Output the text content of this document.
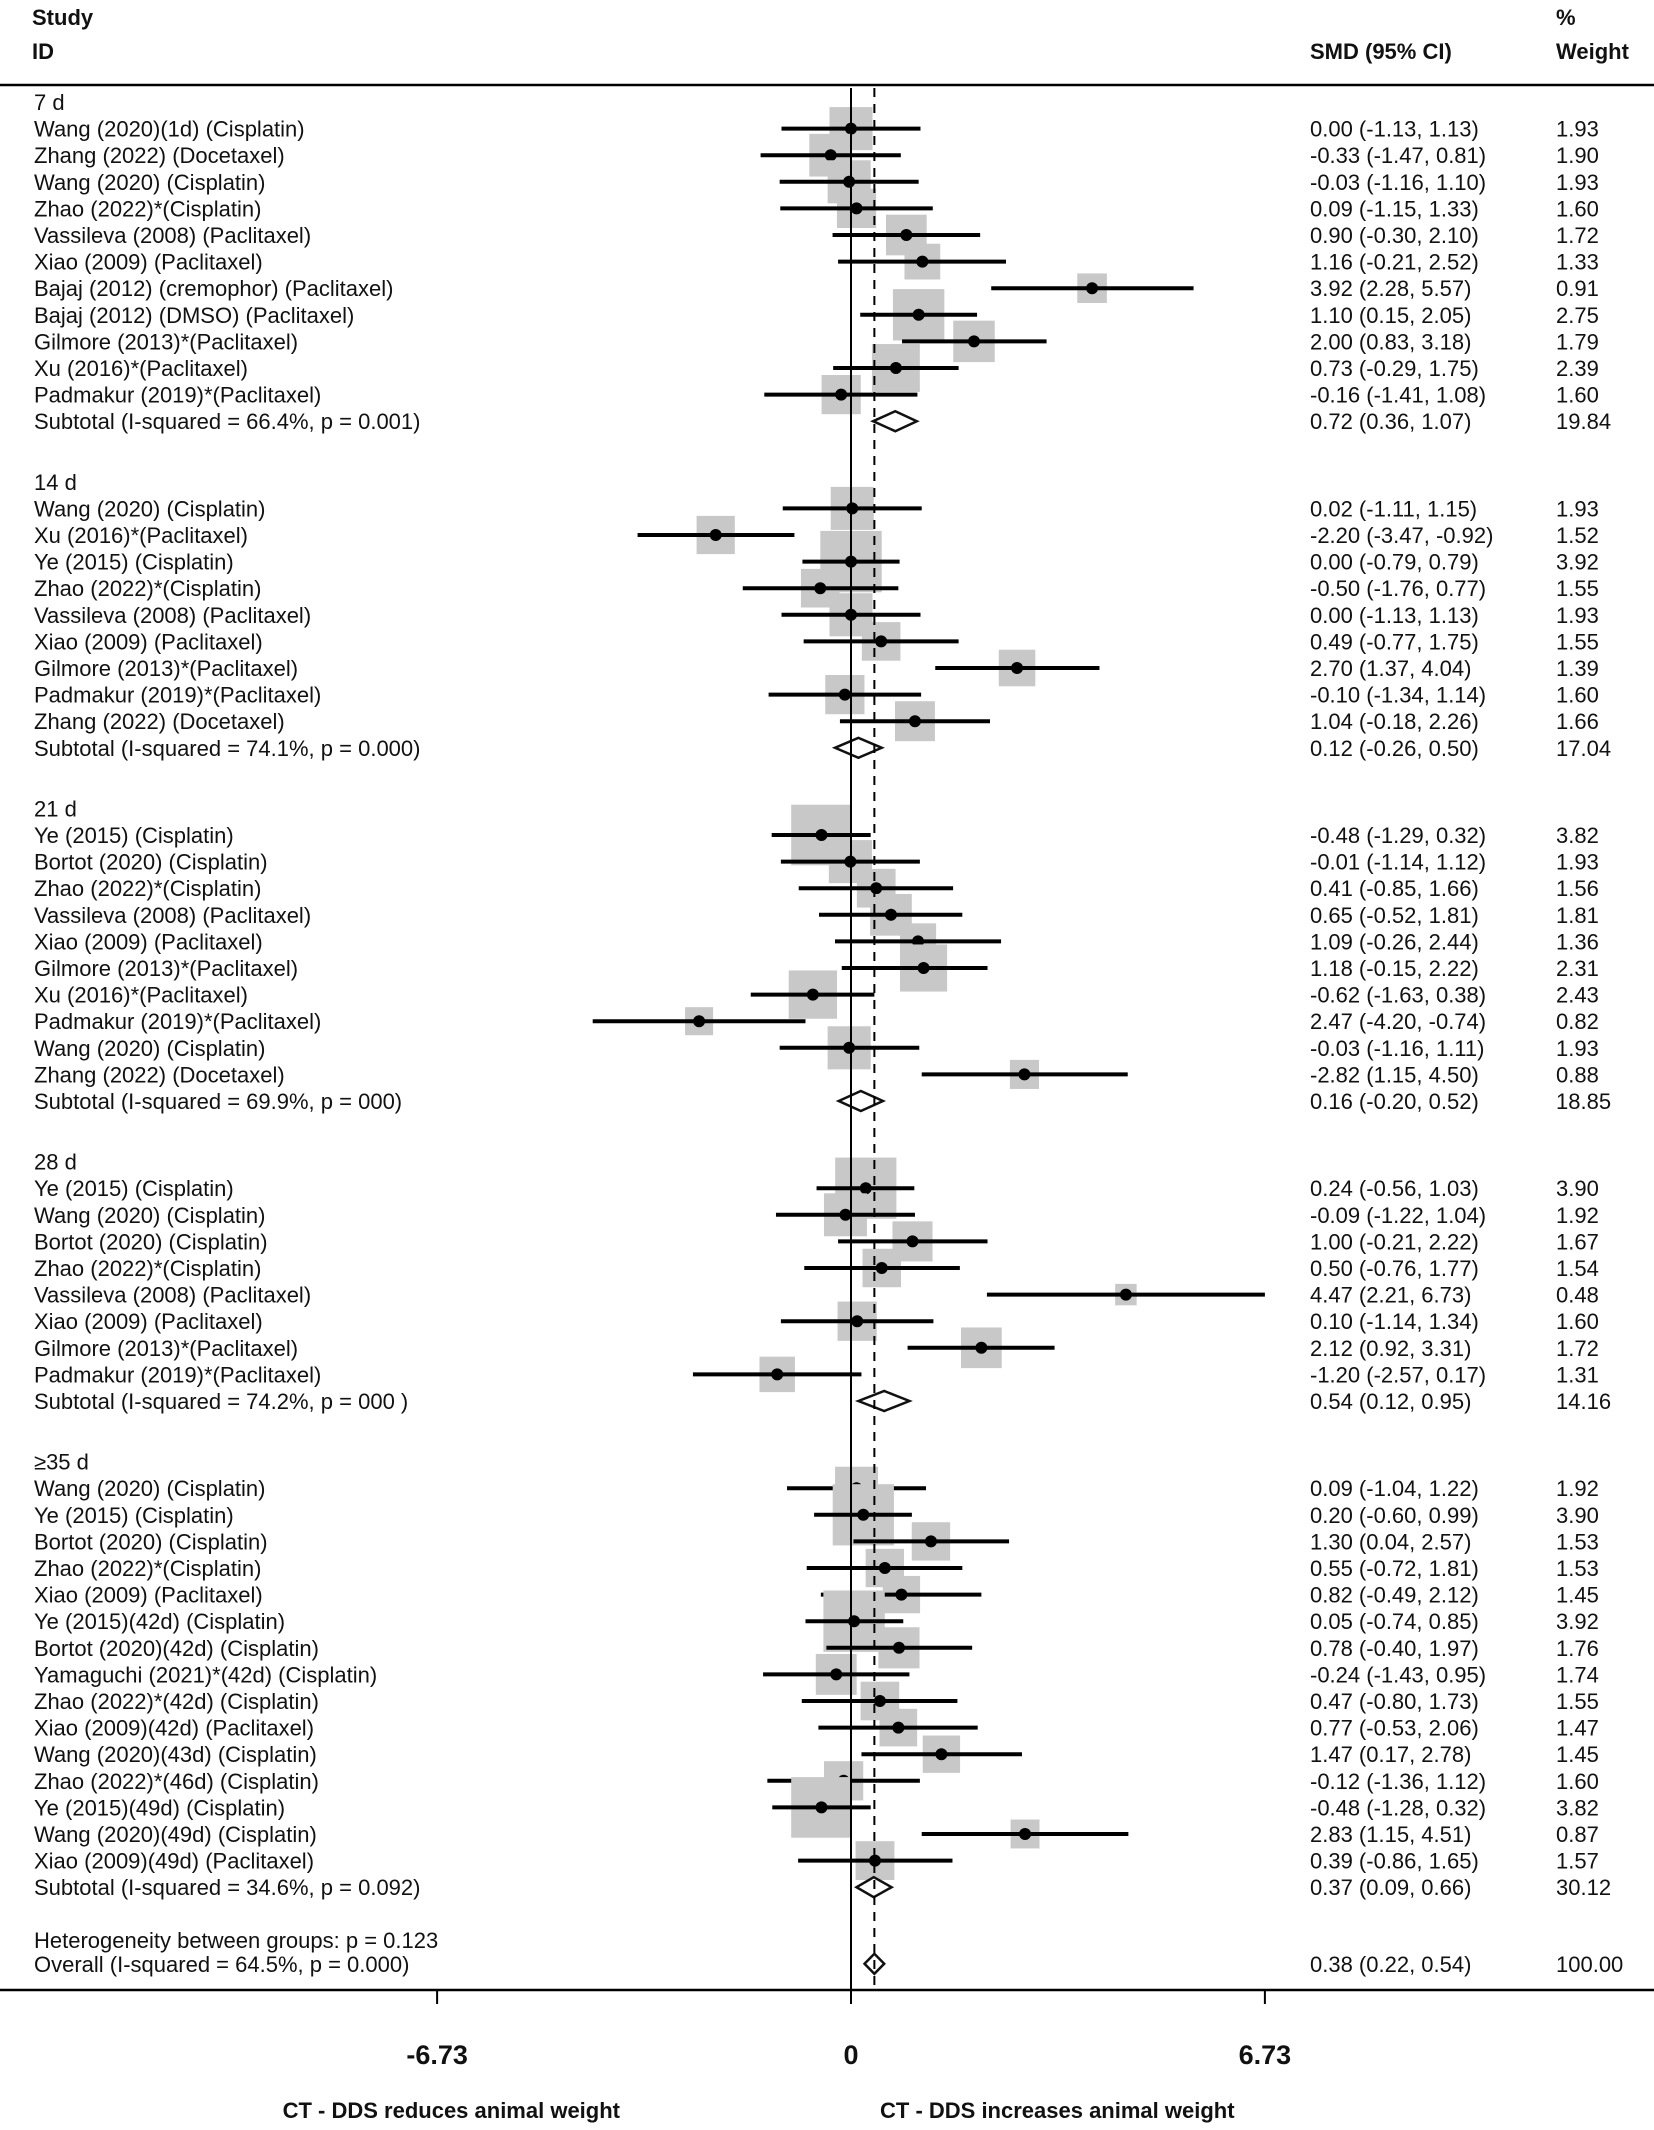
Study
ID	SMD (95% CI)
%
Weight
7 d
Wang (2020)(1d) (Cisplatin)	0.00 (-1.13, 1.13)	1.93
Zhang (2022) (Docetaxel)	-0.33 (-1.47, 0.81)	1.90
Wang (2020) (Cisplatin)	-0.03 (-1.16, 1.10)	1.93
Zhao (2022)*(Cisplatin)	0.09 (-1.15, 1.33)	1.60
Vassileva (2008) (Paclitaxel)	0.90 (-0.30, 2.10)	1.72
Xiao (2009) (Paclitaxel)	1.16 (-0.21, 2.52)	1.33
Bajaj (2012) (cremophor) (Paclitaxel)	3.92 (2.28, 5.57)	0.91
Bajaj (2012) (DMSO) (Paclitaxel)	1.10 (0.15, 2.05)	2.75
Gilmore (2013)*(Paclitaxel)	2.00 (0.83, 3.18)	1.79
Xu (2016)*(Paclitaxel)	0.73 (-0.29, 1.75)	2.39
Padmakur (2019)*(Paclitaxel)	-0.16 (-1.41, 1.08)	1.60
Subtotal (I-squared = 66.4%, p = 0.001)	0.72 (0.36, 1.07)	19.84
14 d
Wang (2020) (Cisplatin)	0.02 (-1.11, 1.15)	1.93
Xu (2016)*(Paclitaxel)	-2.20 (-3.47, -0.92)	1.52
Ye (2015) (Cisplatin)	0.00 (-0.79, 0.79)	3.92
Zhao (2022)*(Cisplatin)	-0.50 (-1.76, 0.77)	1.55
Vassileva (2008) (Paclitaxel)	0.00 (-1.13, 1.13)	1.93
Xiao (2009) (Paclitaxel)	0.49 (-0.77, 1.75)	1.55
Gilmore (2013)*(Paclitaxel)	2.70 (1.37, 4.04)	1.39
Padmakur (2019)*(Paclitaxel)	-0.10 (-1.34, 1.14)	1.60
Zhang (2022) (Docetaxel)	1.04 (-0.18, 2.26)	1.66
Subtotal (I-squared = 74.1%, p = 0.000)	0.12 (-0.26, 0.50)	17.04
21 d
Ye (2015) (Cisplatin)	-0.48 (-1.29, 0.32)	3.82
Bortot (2020) (Cisplatin)	-0.01 (-1.14, 1.12)	1.93
Zhao (2022)*(Cisplatin)	0.41 (-0.85, 1.66)	1.56
Vassileva (2008) (Paclitaxel)	0.65 (-0.52, 1.81)	1.81
Xiao (2009) (Paclitaxel)	1.09 (-0.26, 2.44)	1.36
Gilmore (2013)*(Paclitaxel)	1.18 (-0.15, 2.22)	2.31
Xu (2016)*(Paclitaxel)	-0.62 (-1.63, 0.38)	2.43
Padmakur (2019)*(Paclitaxel)	2.47 (-4.20, -0.74)	0.82
Wang (2020) (Cisplatin)	-0.03 (-1.16, 1.11)	1.93
Zhang (2022) (Docetaxel)	-2.82 (1.15, 4.50)	0.88
Subtotal (I-squared = 69.9%, p = 000)	0.16 (-0.20, 0.52)	18.85
28 d
Ye (2015) (Cisplatin)	0.24 (-0.56, 1.03)	3.90
Wang (2020) (Cisplatin)	-0.09 (-1.22, 1.04)	1.92
Bortot (2020) (Cisplatin)	1.00 (-0.21, 2.22)	1.67
Zhao (2022)*(Cisplatin)	0.50 (-0.76, 1.77)	1.54
Vassileva (2008) (Paclitaxel)	4.47 (2.21, 6.73)	0.48
Xiao (2009) (Paclitaxel)	0.10 (-1.14, 1.34)	1.60
Gilmore (2013)*(Paclitaxel)	2.12 (0.92, 3.31)	1.72
Padmakur (2019)*(Paclitaxel)	-1.20 (-2.57, 0.17)	1.31
Subtotal (I-squared = 74.2%, p = 000 )	0.54 (0.12, 0.95)	14.16
≥35 d
Wang (2020) (Cisplatin)	0.09 (-1.04, 1.22)	1.92
Ye (2015) (Cisplatin)	0.20 (-0.60, 0.99)	3.90
Bortot (2020) (Cisplatin)	1.30 (0.04, 2.57)	1.53
Zhao (2022)*(Cisplatin)	0.55 (-0.72, 1.81)	1.53
Xiao (2009) (Paclitaxel)	0.82 (-0.49, 2.12)	1.45
Ye (2015)(42d) (Cisplatin)	0.05 (-0.74, 0.85)	3.92
Bortot (2020)(42d) (Cisplatin)	0.78 (-0.40, 1.97)	1.76
Yamaguchi (2021)*(42d) (Cisplatin)	-0.24 (-1.43, 0.95)	1.74
Zhao (2022)*(42d) (Cisplatin)	0.47 (-0.80, 1.73)	1.55
Xiao (2009)(42d) (Paclitaxel)	0.77 (-0.53, 2.06)	1.47
Wang (2020)(43d) (Cisplatin)	1.47 (0.17, 2.78)	1.45
Zhao (2022)*(46d) (Cisplatin)	-0.12 (-1.36, 1.12)	1.60
Ye (2015)(49d) (Cisplatin)	-0.48 (-1.28, 0.32)	3.82
Wang (2020)(49d) (Cisplatin)	2.83 (1.15, 4.51)	0.87
Xiao (2009)(49d) (Paclitaxel)	0.39 (-0.86, 1.65)	1.57
Subtotal (I-squared = 34.6%, p = 0.092)	0.37 (0.09, 0.66)	30.12
Heterogeneity between groups: p = 0.123
Overall (I-squared = 64.5%, p = 0.000)	0.38 (0.22, 0.54)	100.00
-6.73	0	6.73
CT - DDS reduces animal weight	CT - DDS increases animal weight
